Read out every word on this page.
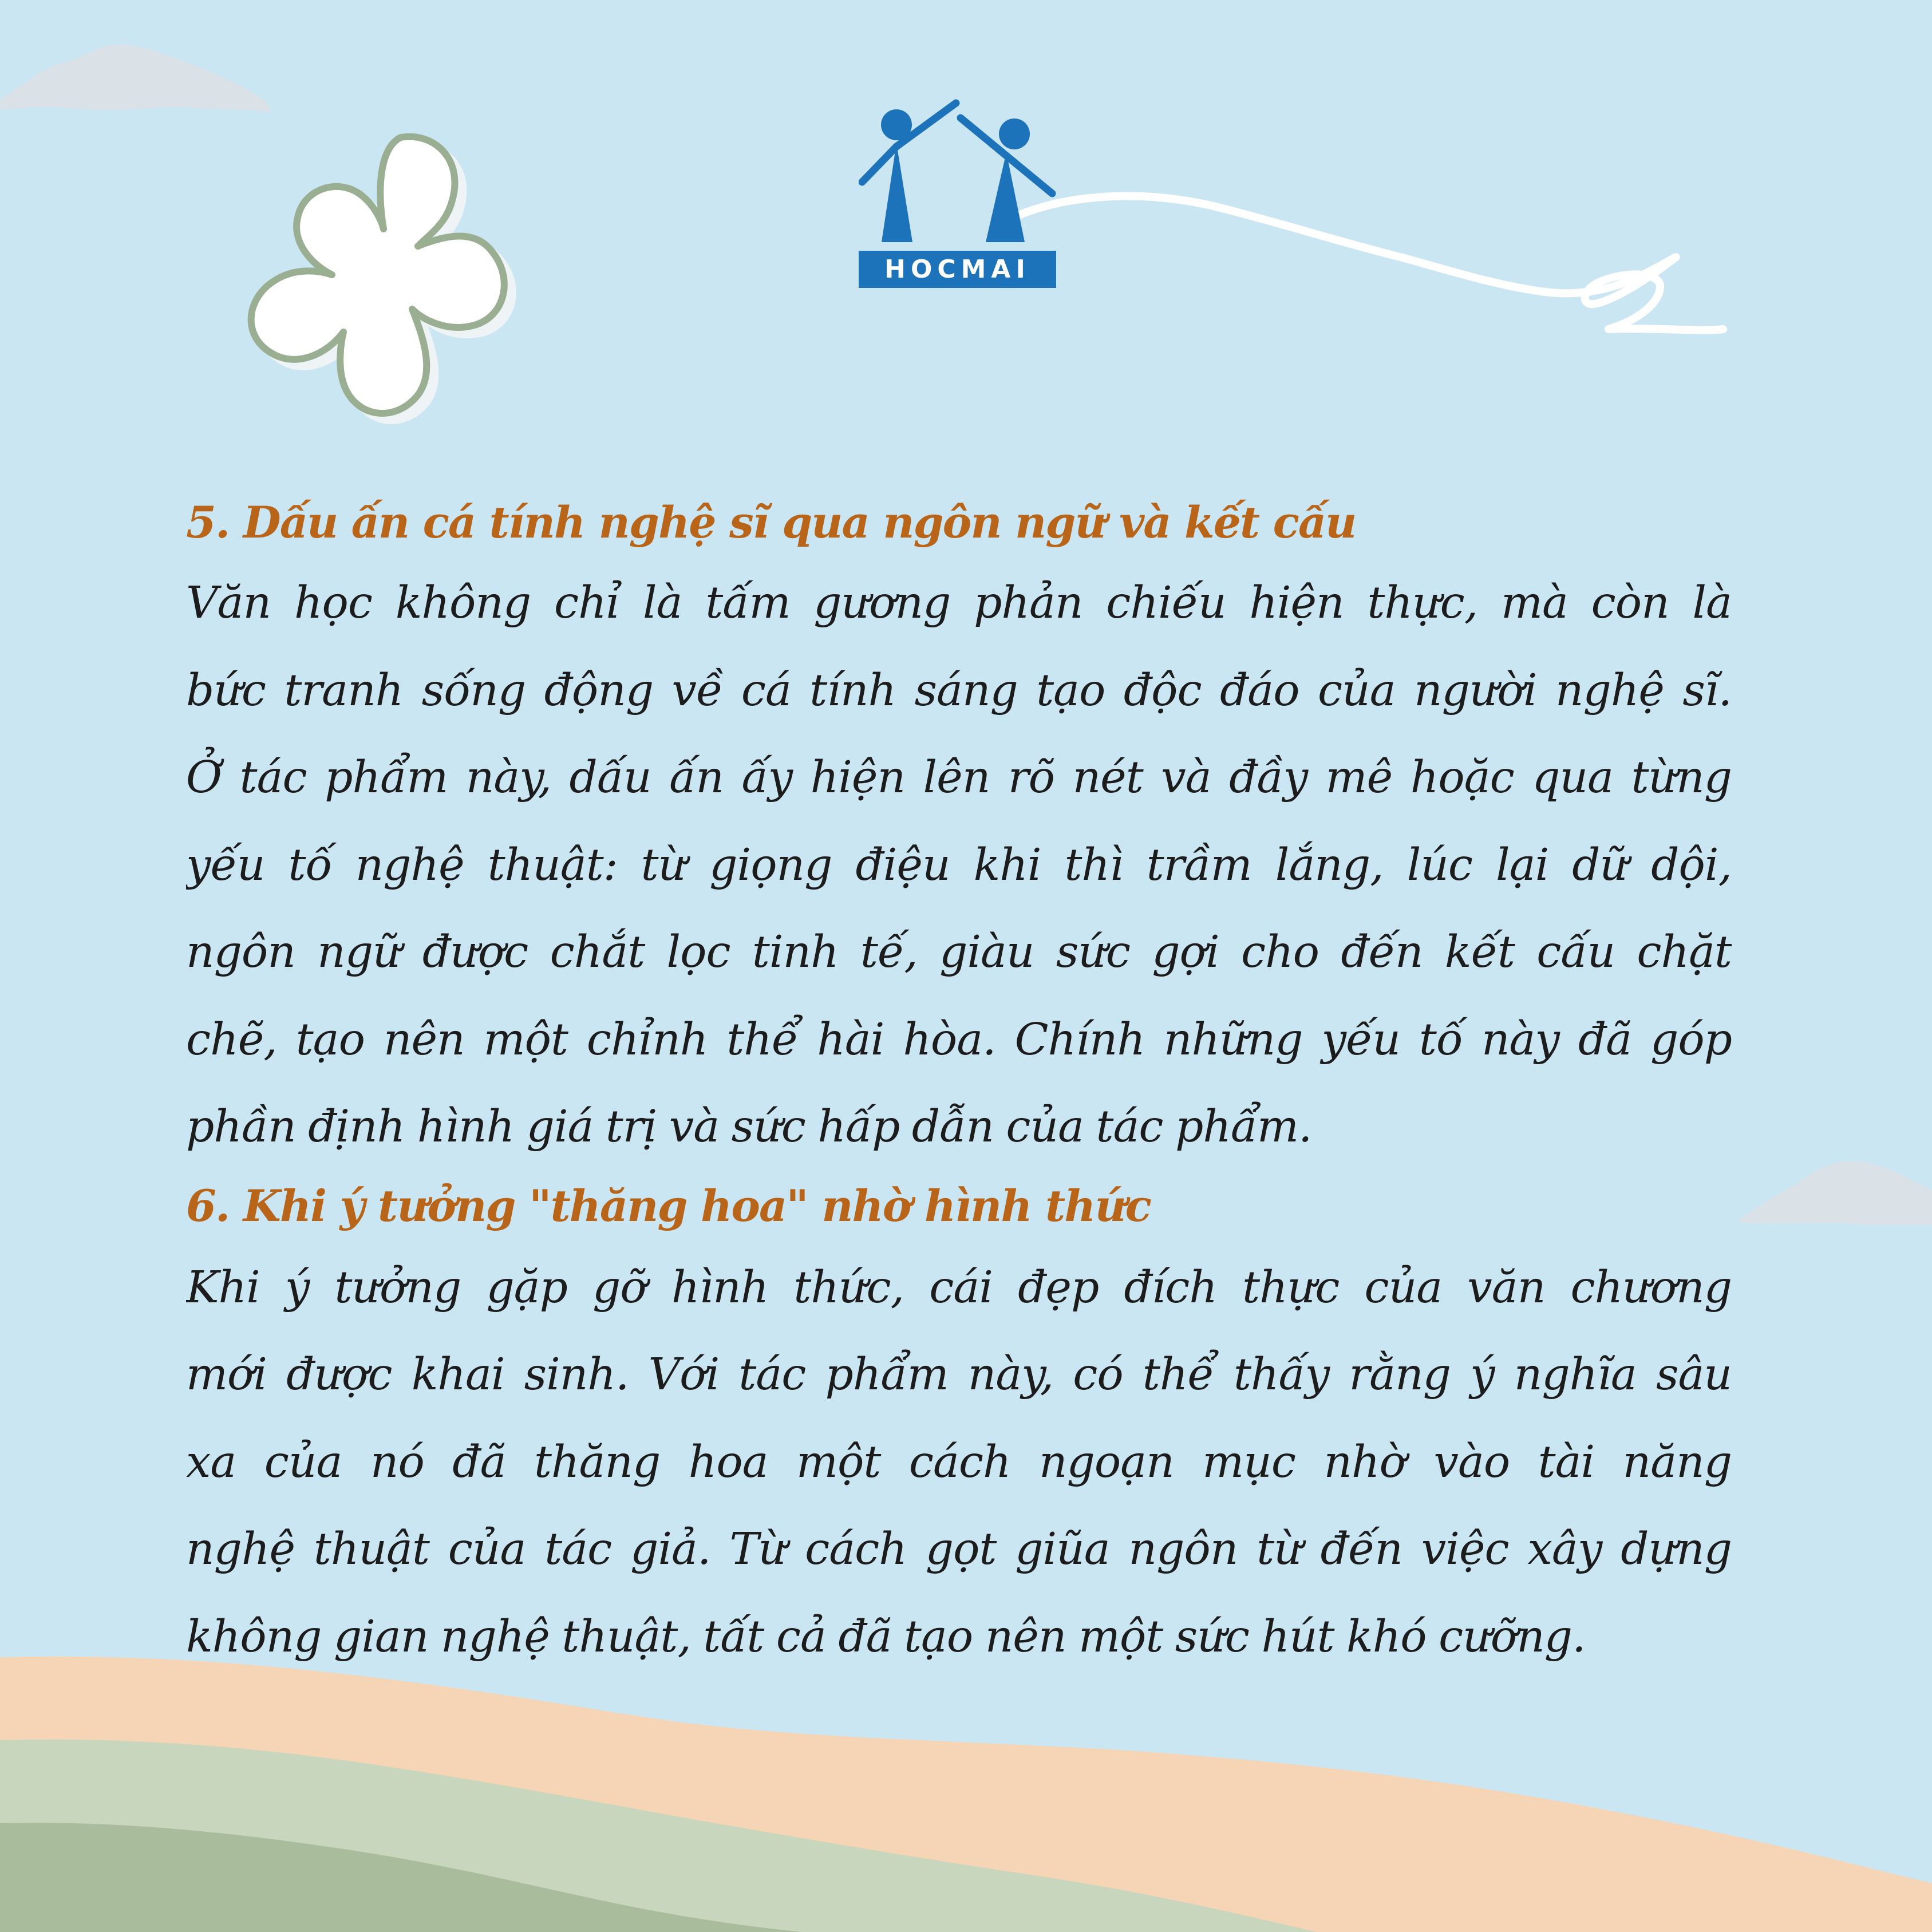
HOCMAI
5. Dấu ấn cá tính nghệ sĩ qua ngôn ngữ và kết cấu

Văn học không chỉ là tấm gương phản chiếu hiện thực, mà còn là
bức tranh sống động về cá tính sáng tạo độc đáo của người nghệ sĩ.
Ở tác phẩm này, dấu ấn ấy hiện lên rõ nét và đầy mê hoặc qua từng
yếu tố nghệ thuật: từ giọng điệu khi thì trầm lắng, lúc lại dữ dội,
ngôn ngữ được chắt lọc tinh tế, giàu sức gợi cho đến kết cấu chặt
chẽ, tạo nên một chỉnh thể hài hòa. Chính những yếu tố này đã góp
phần định hình giá trị và sức hấp dẫn của tác phẩm.

6. Khi ý tưởng "thăng hoa" nhờ hình thức

Khi ý tưởng gặp gỡ hình thức, cái đẹp đích thực của văn chương
mới được khai sinh. Với tác phẩm này, có thể thấy rằng ý nghĩa sâu
xa của nó đã thăng hoa một cách ngoạn mục nhờ vào tài năng
nghệ thuật của tác giả. Từ cách gọt giũa ngôn từ đến việc xây dựng
không gian nghệ thuật, tất cả đã tạo nên một sức hút khó cưỡng.
